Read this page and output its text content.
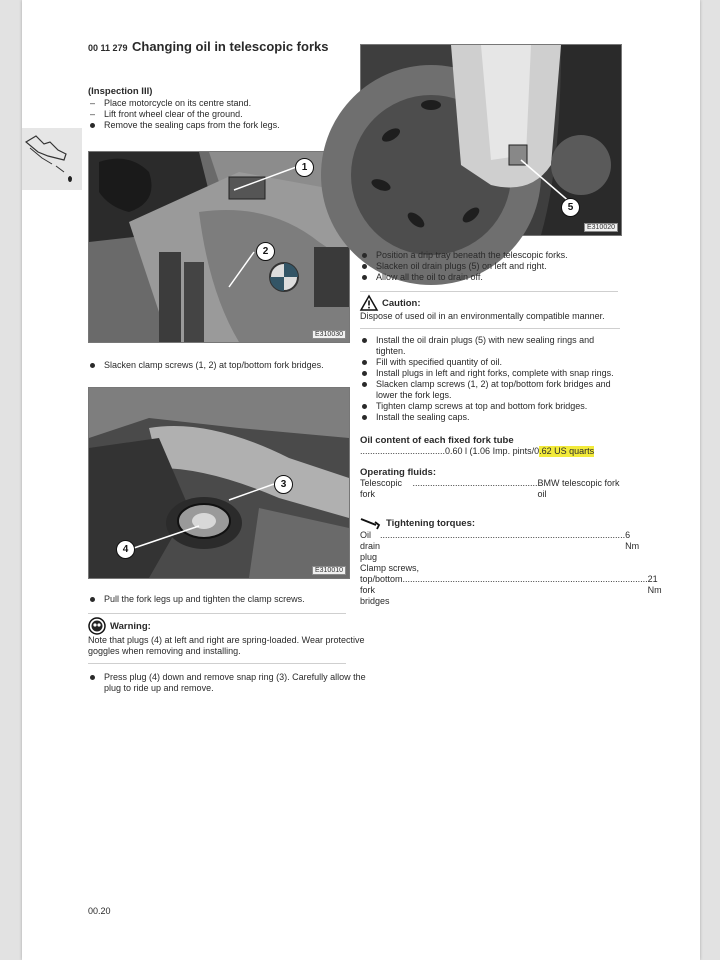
00 11 279 Changing oil in telescopic forks
(Inspection III)
– Place motorcycle on its centre stand.
– Lift front wheel clear of the ground.
Remove the sealing caps from the fork legs.
1
2
E310030
Slacken clamp screws (1, 2) at top/bottom fork bridges.
3
4
E310010
Pull the fork legs up and tighten the clamp screws.
Warning:
Note that plugs (4) at left and right are spring-loaded. Wear protective goggles when removing and installing.
Press plug (4) down and remove snap ring (3). Carefully allow the plug to ride up and remove.
5
E310020
Position a drip tray beneath the telescopic forks.
Slacken oil drain plugs (5) on left and right.
Allow all the oil to drain off.
Caution:
Dispose of used oil in an environmentally compatible manner.
Install the oil drain plugs (5) with new sealing rings and tighten.
Fill with specified quantity of oil.
Install plugs in left and right forks, complete with snap rings.
Slacken clamp screws (1, 2) at top/bottom fork bridges and lower the fork legs.
Tighten clamp screws at top and bottom fork bridges.
Install the sealing caps.
Oil content of each fixed fork tube
.................................. 0.60 l (1.06 Imp. pints/0 .62 US quarts
Operating fluids:
Telescopic fork
.................................................. BMW telescopic fork oil
Tightening torques:
Oil drain plug
.................................................................................................. 6 Nm
Clamp screws,
top/bottom fork bridges
.................................................................................................. 21 Nm
00.20
